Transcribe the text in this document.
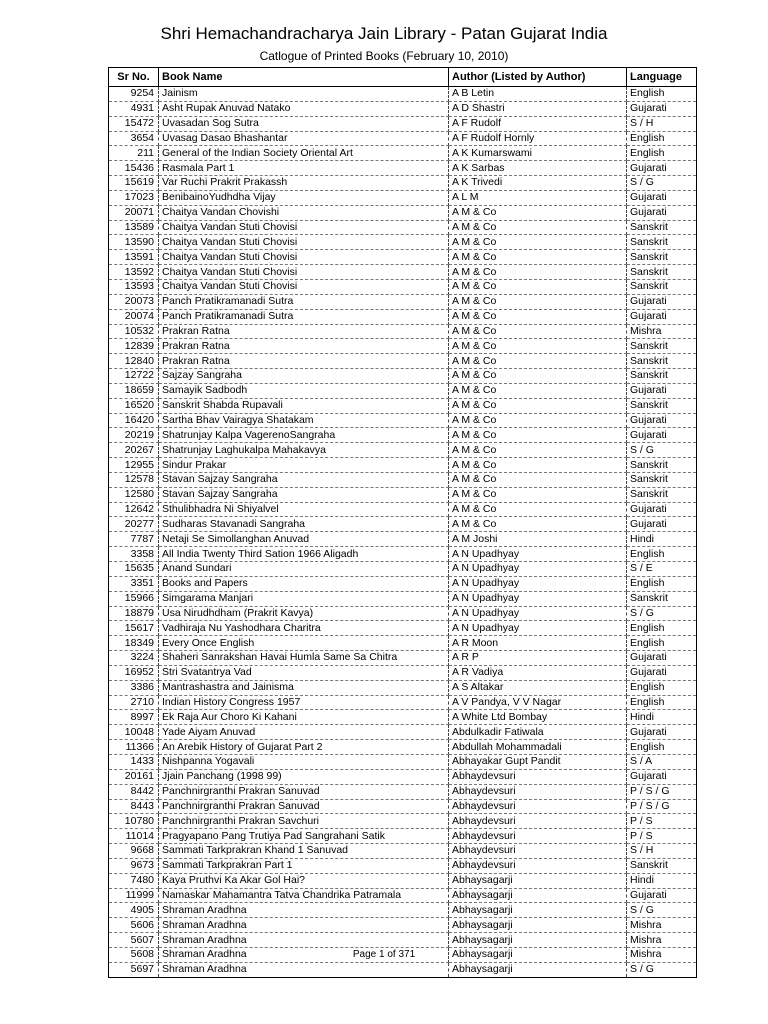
Shri Hemachandracharya Jain Library - Patan Gujarat India
Catlogue of Printed Books (February 10, 2010)
Sr No.	Book Name	Author (Listed by Author)	Language
9254	Jainism	A B Letin	English
4931	Asht Rupak Anuvad Natako	A D Shastri	Gujarati
15472	Uvasadan Sog Sutra	A F Rudolf	S / H
3654	Uvasag Dasao Bhashantar	A F Rudolf Hornly	English
211	General of the Indian Society Oriental Art	A K Kumarswami	English
15436	Rasmala Part 1	A K Sarbas	Gujarati
15619	Var Ruchi Prakrit Prakassh	A K Trivedi	S / G
17023	BenibainoYudhdha Vijay	A L M	Gujarati
20071	Chaitya Vandan Chovishi	A M & Co	Gujarati
13589	Chaitya Vandan Stuti Chovisi	A M & Co	Sanskrit
13590	Chaitya Vandan Stuti Chovisi	A M & Co	Sanskrit
13591	Chaitya Vandan Stuti Chovisi	A M & Co	Sanskrit
13592	Chaitya Vandan Stuti Chovisi	A M & Co	Sanskrit
13593	Chaitya Vandan Stuti Chovisi	A M & Co	Sanskrit
20073	Panch Pratikramanadi Sutra	A M & Co	Gujarati
20074	Panch Pratikramanadi Sutra	A M & Co	Gujarati
10532	Prakran Ratna	A M & Co	Mishra
12839	Prakran Ratna	A M & Co	Sanskrit
12840	Prakran Ratna	A M & Co	Sanskrit
12722	Sajzay Sangraha	A M & Co	Sanskrit
18659	Samayik Sadbodh	A M & Co	Gujarati
16520	Sanskrit Shabda Rupavali	A M & Co	Sanskrit
16420	Sartha Bhav Vairagya Shatakam	A M & Co	Gujarati
20219	Shatrunjay Kalpa VagerenoSangraha	A M & Co	Gujarati
20267	Shatrunjay Laghukalpa Mahakavya	A M & Co	S / G
12955	Sindur Prakar	A M & Co	Sanskrit
12578	Stavan Sajzay Sangraha	A M & Co	Sanskrit
12580	Stavan Sajzay Sangraha	A M & Co	Sanskrit
12642	Sthulibhadra Ni Shiyalvel	A M & Co	Gujarati
20277	Sudharas Stavanadi Sangraha	A M & Co	Gujarati
7787	Netaji Se Simollanghan Anuvad	A M Joshi	Hindi
3358	All India Twenty Third Sation 1966 Aligadh	A N Upadhyay	English
15635	Anand Sundari	A N Upadhyay	S / E
3351	Books and Papers	A N Upadhyay	English
15966	Simgarama Manjari	A N Upadhyay	Sanskrit
18879	Usa Nirudhdham (Prakrit Kavya)	A N Upadhyay	S / G
15617	Vadhiraja Nu Yashodhara Charitra	A N Upadhyay	English
18349	Every Once English	A R Moon	English
3224	Shaheri Sanrakshan Havai Humla Same Sa Chitra	A R P	Gujarati
16952	Stri Svatantrya Vad	A R Vadiya	Gujarati
3386	Mantrashastra and Jainisma	A S Altakar	English
2710	Indian History Congress 1957	A V Pandya, V V Nagar	English
8997	Ek Raja Aur Choro Ki Kahani	A White Ltd Bombay	Hindi
10048	Yade Aiyam Anuvad	Abdulkadir Fatiwala	Gujarati
11366	An Arebik History of Gujarat Part 2	Abdullah Mohammadali	English
1433	Nishpanna Yogavali	Abhayakar Gupt Pandit	S / A
20161	Jjain Panchang (1998 99)	Abhaydevsuri	Gujarati
8442	Panchnirgranthi Prakran Sanuvad	Abhaydevsuri	P / S / G
8443	Panchnirgranthi Prakran Sanuvad	Abhaydevsuri	P / S / G
10780	Panchnirgranthi Prakran Savchuri	Abhaydevsuri	P / S
11014	Pragyapano Pang Trutiya Pad Sangrahani Satik	Abhaydevsuri	P / S
9668	Sammati Tarkprakran Khand 1 Sanuvad	Abhaydevsuri	S / H
9673	Sammati Tarkprakran Part 1	Abhaydevsuri	Sanskrit
7480	Kaya Pruthvi Ka Akar Gol Hai?	Abhaysagarji	Hindi
11999	Namaskar Mahamantra Tatva Chandrika Patramala	Abhaysagarji	Gujarati
4905	Shraman Aradhna	Abhaysagarji	S / G
5606	Shraman Aradhna	Abhaysagarji	Mishra
5607	Shraman Aradhna	Abhaysagarji	Mishra
5608	Shraman Aradhna	Abhaysagarji	Mishra
5697	Shraman Aradhna	Abhaysagarji	S / G
Page 1 of 371
